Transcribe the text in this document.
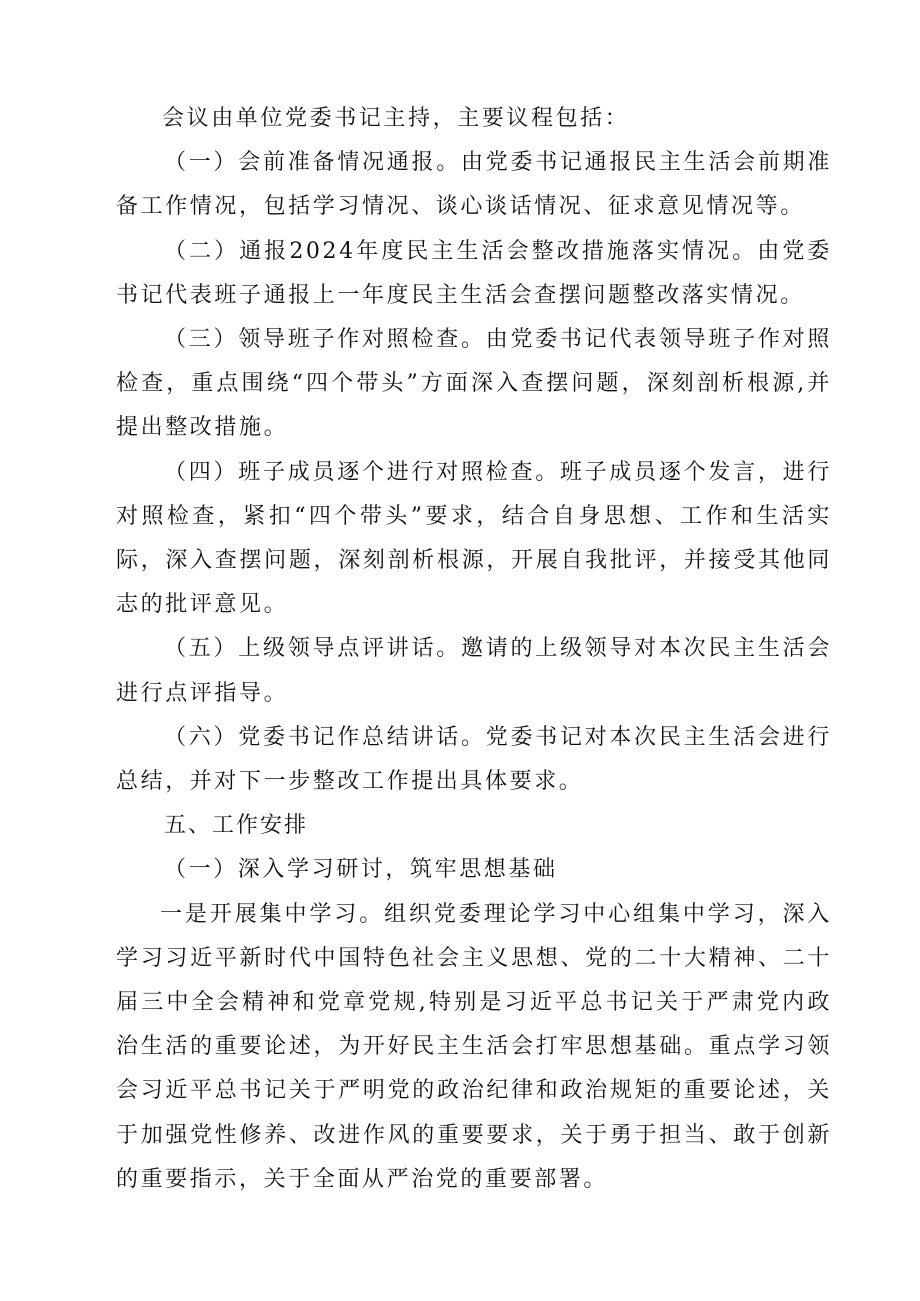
会议由单位党委书记主持，主要议程包括：

（一）会前准备情况通报。由党委书记通报民主生活会前期准备工作情况，包括学习情况、谈心谈话情况、征求意见情况等。

（二）通报2024年度民主生活会整改措施落实情况。由党委书记代表班子通报上一年度民主生活会查摆问题整改落实情况。

（三）领导班子作对照检查。由党委书记代表领导班子作对照检查，重点围绕“四个带头”方面深入查摆问题，深刻剖析根源,并提出整改措施。

（四）班子成员逐个进行对照检查。班子成员逐个发言，进行对照检查，紧扣“四个带头”要求，结合自身思想、工作和生活实际，深入查摆问题，深刻剖析根源，开展自我批评，并接受其他同志的批评意见。

（五）上级领导点评讲话。邀请的上级领导对本次民主生活会进行点评指导。

（六）党委书记作总结讲话。党委书记对本次民主生活会进行总结，并对下一步整改工作提出具体要求。

五、工作安排

（一）深入学习研讨，筑牢思想基础

一是开展集中学习。组织党委理论学习中心组集中学习，深入学习习近平新时代中国特色社会主义思想、党的二十大精神、二十届三中全会精神和党章党规,特别是习近平总书记关于严肃党内政治生活的重要论述，为开好民主生活会打牢思想基础。重点学习领会习近平总书记关于严明党的政治纪律和政治规矩的重要论述，关于加强党性修养、改进作风的重要要求，关于勇于担当、敢于创新的重要指示，关于全面从严治党的重要部署。
